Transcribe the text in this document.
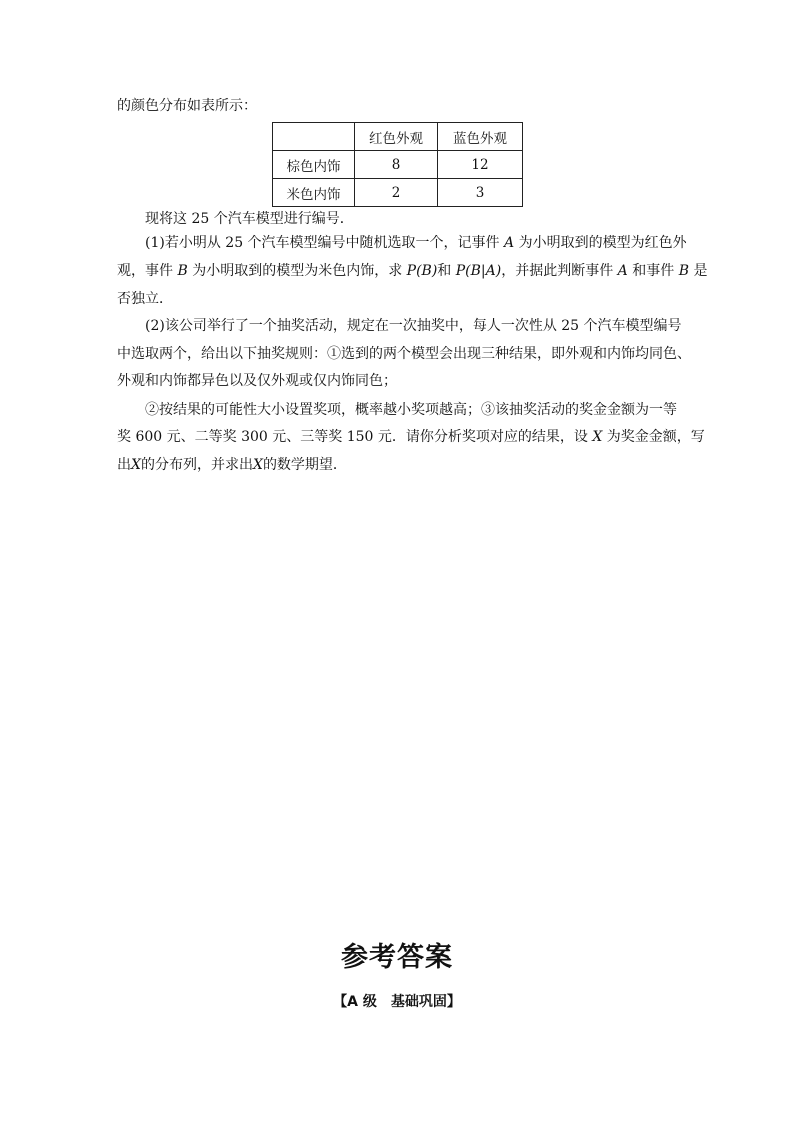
的颜色分布如表所示：
	红色外观	蓝色外观
棕色内饰	8	12
米色内饰	2	3
现将这 25 个汽车模型进行编号．
(1)若小明从 25 个汽车模型编号中随机选取一个，记事件 A 为小明取到的模型为红色外
观，事件 B 为小明取到的模型为米色内饰，求 P(B)和 P(B|A)，并据此判断事件 A 和事件 B 是
否独立．
(2)该公司举行了一个抽奖活动，规定在一次抽奖中，每人一次性从 25 个汽车模型编号
中选取两个，给出以下抽奖规则：①选到的两个模型会出现三种结果，即外观和内饰均同色、
外观和内饰都异色以及仅外观或仅内饰同色；
②按结果的可能性大小设置奖项，概率越小奖项越高；③该抽奖活动的奖金金额为一等
奖 600 元、二等奖 300 元、三等奖 150 元．请你分析奖项对应的结果，设 X 为奖金金额，写
出X的分布列，并求出X的数学期望．
参考答案
【A 级　基础巩固】
